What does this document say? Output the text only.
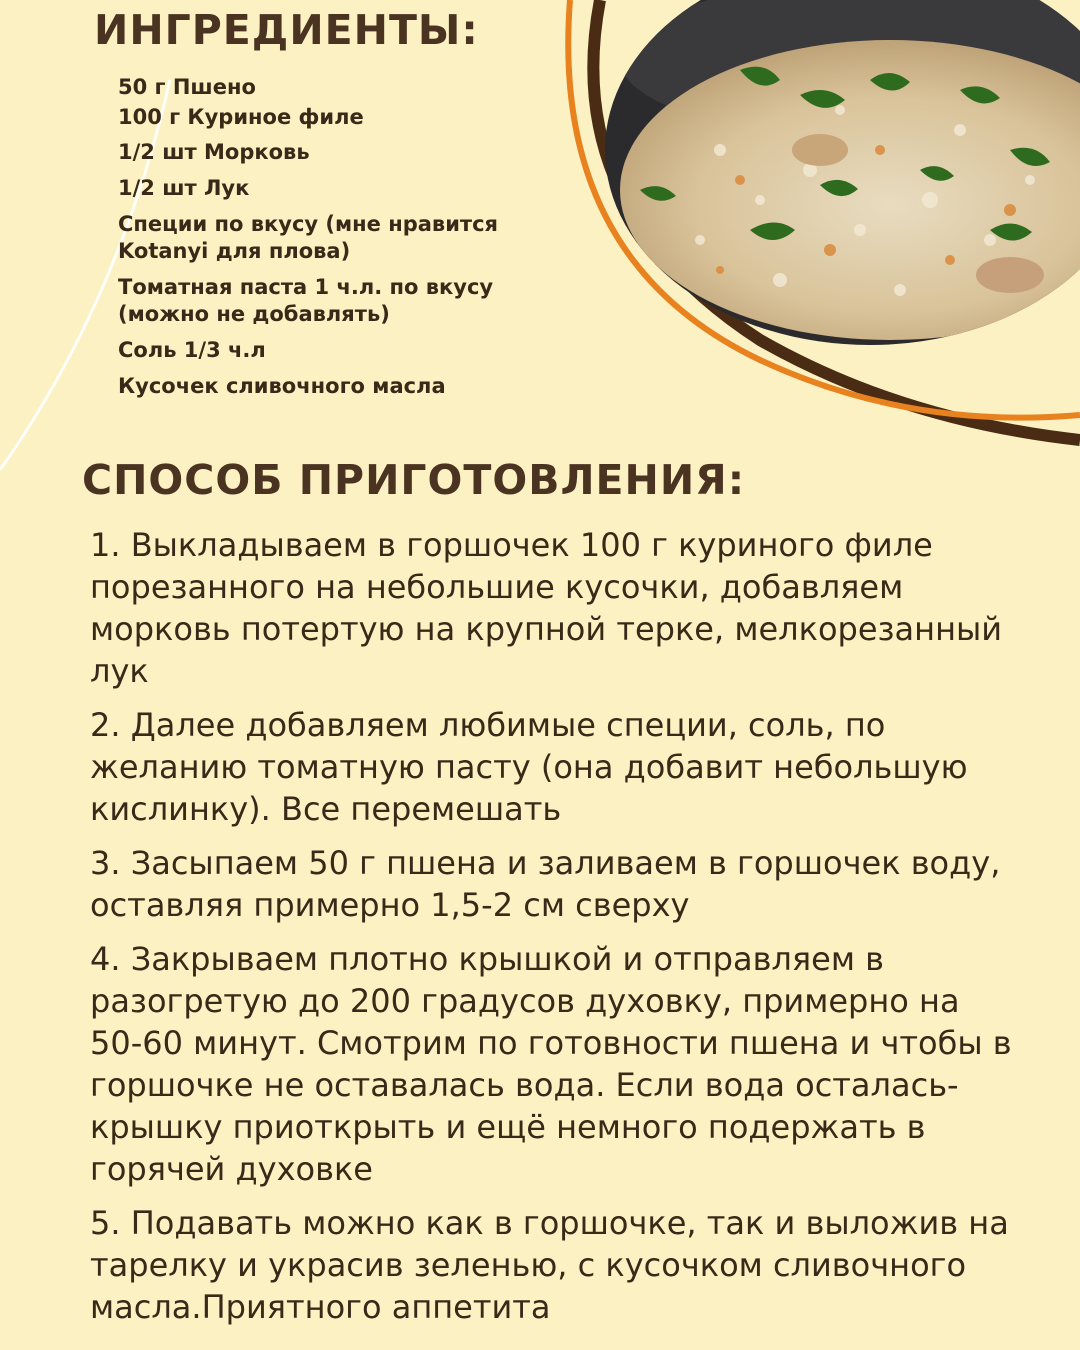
ИНГРЕДИЕНТЫ:
50 г Пшено
100 г Куриное филе
1/2 шт Морковь
1/2 шт Лук
Специи по вкусу (мне нравится Kotanyi для плова)
Томатная паста 1 ч.л. по вкусу (можно не добавлять)
Соль 1/3 ч.л
Кусочек сливочного масла
СПОСОБ ПРИГОТОВЛЕНИЯ:

1. Выкладываем в горшочек 100 г куриного филе порезанного на небольшие кусочки, добавляем морковь потертую на крупной терке, мелкорезанный лук

2. Далее добавляем любимые специи, соль, по желанию томатную пасту (она добавит небольшую кислинку). Все перемешать

3. Засыпаем 50 г пшена и заливаем в горшочек воду, оставляя примерно 1,5-2 см сверху

4. Закрываем плотно крышкой и отправляем в разогретую до 200 градусов духовку, примерно на 50-60 минут. Смотрим по готовности пшена и чтобы в горшочке не оставалась вода. Если вода осталась- крышку приоткрыть и ещё немного подержать в горячей духовке

5. Подавать можно как в горшочке, так и выложив на тарелку и украсив зеленью, с кусочком сливочного масла.Приятного аппетита
